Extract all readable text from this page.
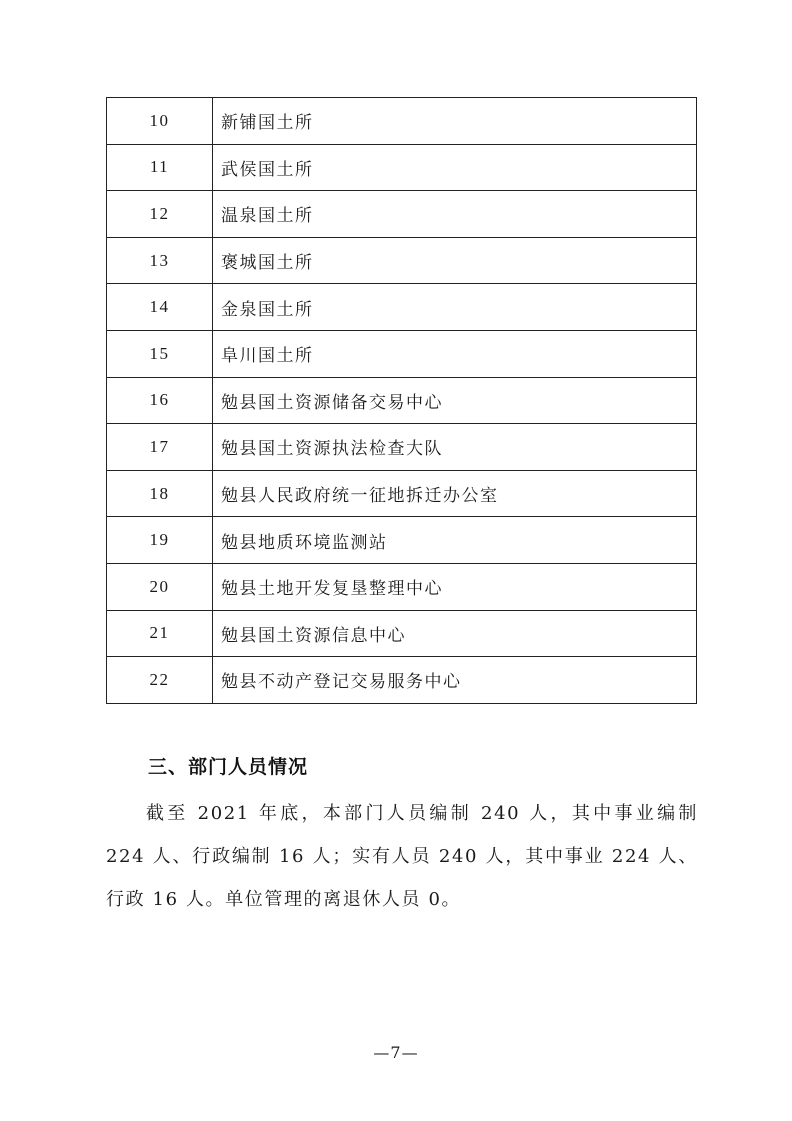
10	新铺国土所
11	武侯国土所
12	温泉国土所
13	褒城国土所
14	金泉国土所
15	阜川国土所
16	勉县国土资源储备交易中心
17	勉县国土资源执法检查大队
18	勉县人民政府统一征地拆迁办公室
19	勉县地质环境监测站
20	勉县土地开发复垦整理中心
21	勉县国土资源信息中心
22	勉县不动产登记交易服务中心
三、部门人员情况
截至 2021 年底，本部门人员编制 240 人，其中事业编制 224 人、行政编制 16 人；实有人员 240 人，其中事业 224 人、行政 16 人。单位管理的离退休人员 0。
—7—
